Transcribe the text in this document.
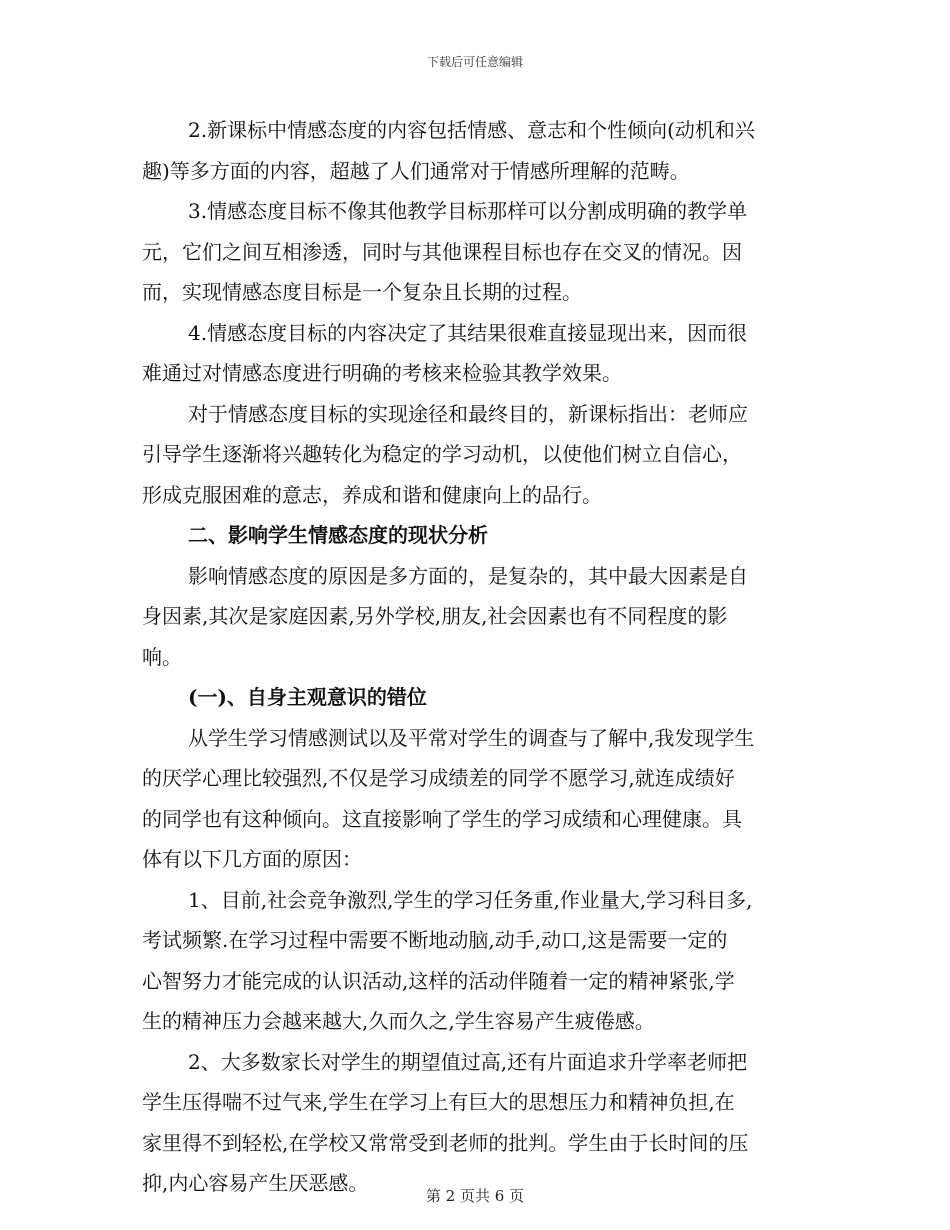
下载后可任意编辑
2.新课标中情感态度的内容包括情感、意志和个性倾向(动机和兴
趣)等多方面的内容，超越了人们通常对于情感所理解的范畴。
3.情感态度目标不像其他教学目标那样可以分割成明确的教学单
元，它们之间互相渗透，同时与其他课程目标也存在交叉的情况。因
而，实现情感态度目标是一个复杂且长期的过程。
4.情感态度目标的内容决定了其结果很难直接显现出来，因而很
难通过对情感态度进行明确的考核来检验其教学效果。
对于情感态度目标的实现途径和最终目的，新课标指出：老师应
引导学生逐渐将兴趣转化为稳定的学习动机，以使他们树立自信心，
形成克服困难的意志，养成和谐和健康向上的品行。
二、影响学生情感态度的现状分析
影响情感态度的原因是多方面的，是复杂的，其中最大因素是自
身因素,其次是家庭因素,另外学校,朋友,社会因素也有不同程度的影
响。
(一)、自身主观意识的错位
从学生学习情感测试以及平常对学生的调查与了解中,我发现学生
的厌学心理比较强烈,不仅是学习成绩差的同学不愿学习,就连成绩好
的同学也有这种倾向。这直接影响了学生的学习成绩和心理健康。具
体有以下几方面的原因：
1、目前,社会竞争激烈,学生的学习任务重,作业量大,学习科目多,
考试频繁.在学习过程中需要不断地动脑,动手,动口,这是需要一定的
心智努力才能完成的认识活动,这样的活动伴随着一定的精神紧张,学
生的精神压力会越来越大,久而久之,学生容易产生疲倦感。
2、大多数家长对学生的期望值过高,还有片面追求升学率老师把
学生压得喘不过气来,学生在学习上有巨大的思想压力和精神负担,在
家里得不到轻松,在学校又常常受到老师的批判。学生由于长时间的压
抑,内心容易产生厌恶感。
第 2 页共 6 页
